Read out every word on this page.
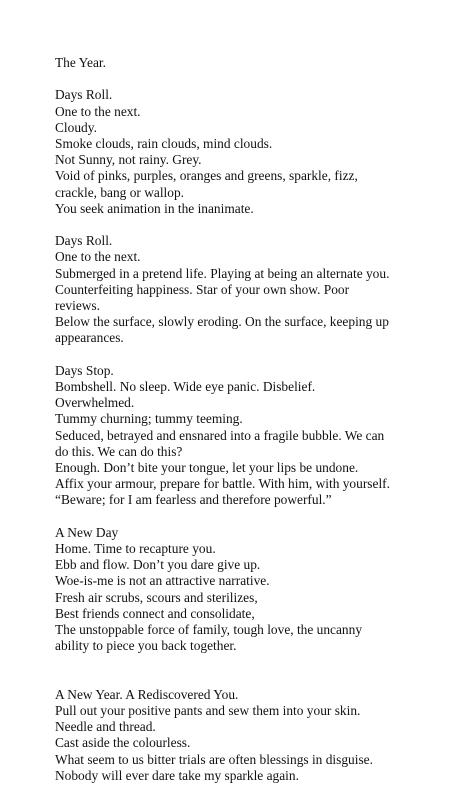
The Year.
Days Roll.
One to the next.
Cloudy.
Smoke clouds, rain clouds, mind clouds.
Not Sunny, not rainy. Grey.
Void of pinks, purples, oranges and greens, sparkle, fizz,
crackle, bang or wallop.
You seek animation in the inanimate.
Days Roll.
One to the next.
Submerged in a pretend life. Playing at being an alternate you.
Counterfeiting happiness. Star of your own show. Poor
reviews.
Below the surface, slowly eroding. On the surface, keeping up
appearances.
Days Stop.
Bombshell. No sleep. Wide eye panic. Disbelief.
Overwhelmed.
Tummy churning; tummy teeming.
Seduced, betrayed and ensnared into a fragile bubble. We can
do this. We can do this?
Enough. Don’t bite your tongue, let your lips be undone.
Affix your armour, prepare for battle. With him, with yourself.
“Beware; for I am fearless and therefore powerful.”
A New Day
Home. Time to recapture you.
Ebb and flow. Don’t you dare give up.
Woe-is-me is not an attractive narrative.
Fresh air scrubs, scours and sterilizes,
Best friends connect and consolidate,
The unstoppable force of family, tough love, the uncanny
ability to piece you back together.
A New Year. A Rediscovered You.
Pull out your positive pants and sew them into your skin.
Needle and thread.
Cast aside the colourless.
What seem to us bitter trials are often blessings in disguise.
Nobody will ever dare take my sparkle again.
